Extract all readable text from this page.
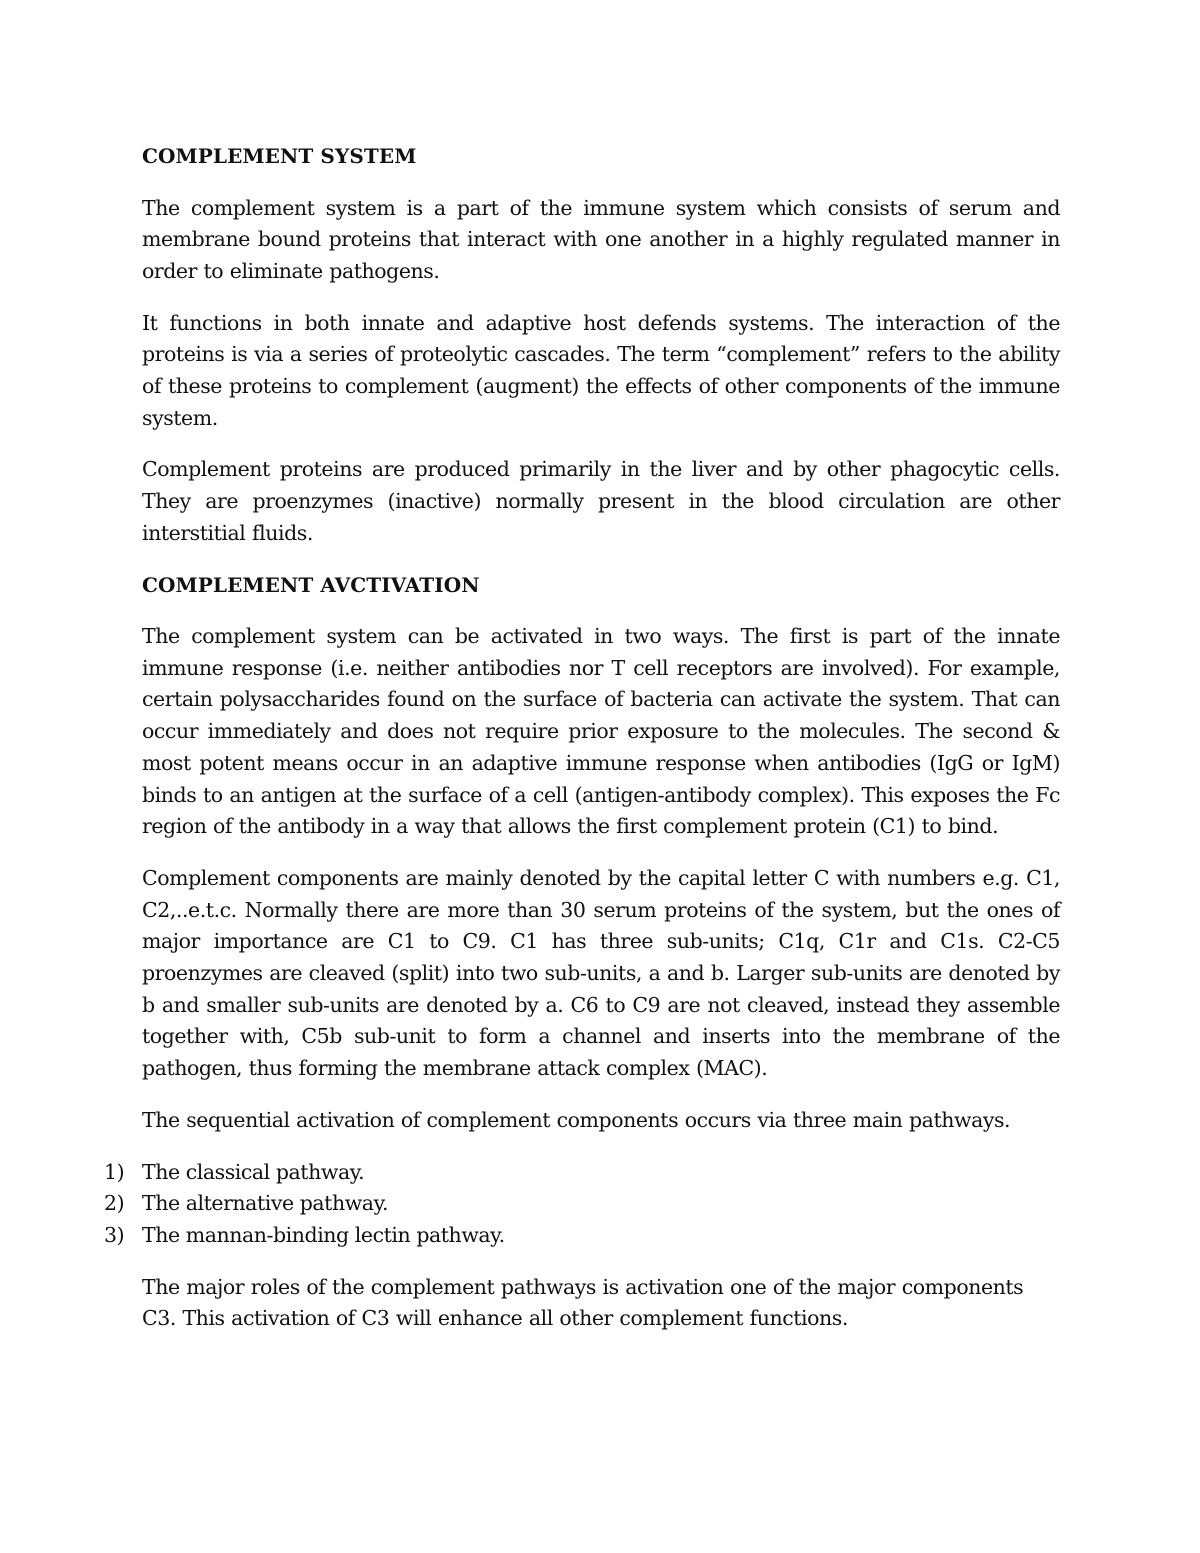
COMPLEMENT SYSTEM

The complement system is a part of the immune system which consists of serum and membrane bound proteins that interact with one another in a highly regulated manner in order to eliminate pathogens.

It functions in both innate and adaptive host defends systems. The interaction of the proteins is via a series of proteolytic cascades. The term “complement” refers to the ability of these proteins to complement (augment) the effects of other components of the immune system.

Complement proteins are produced primarily in the liver and by other phagocytic cells. They are proenzymes (inactive) normally present in the blood circulation are other interstitial fluids.

COMPLEMENT AVCTIVATION

The complement system can be activated in two ways. The first is part of the innate immune response (i.e. neither antibodies nor T cell receptors are involved). For example, certain polysaccharides found on the surface of bacteria can activate the system. That can occur immediately and does not require prior exposure to the molecules. The second & most potent means occur in an adaptive immune response when antibodies (IgG or IgM) binds to an antigen at the surface of a cell (antigen-antibody complex). This exposes the Fc region of the antibody in a way that allows the first complement protein (C1) to bind.

Complement components are mainly denoted by the capital letter C with numbers e.g. C1, C2,..e.t.c. Normally there are more than 30 serum proteins of the system, but the ones of major importance are C1 to C9. C1 has three sub-units; C1q, C1r and C1s. C2-C5 proenzymes are cleaved (split) into two sub-units, a and b. Larger sub-units are denoted by b and smaller sub-units are denoted by a. C6 to C9 are not cleaved, instead they assemble together with, C5b sub-unit to form a channel and inserts into the membrane of the pathogen, thus forming the membrane attack complex (MAC).

The sequential activation of complement components occurs via three main pathways.

1) The classical pathway.
2) The alternative pathway.
3) The mannan-binding lectin pathway.

The major roles of the complement pathways is activation one of the major components C3. This activation of C3 will enhance all other complement functions.
